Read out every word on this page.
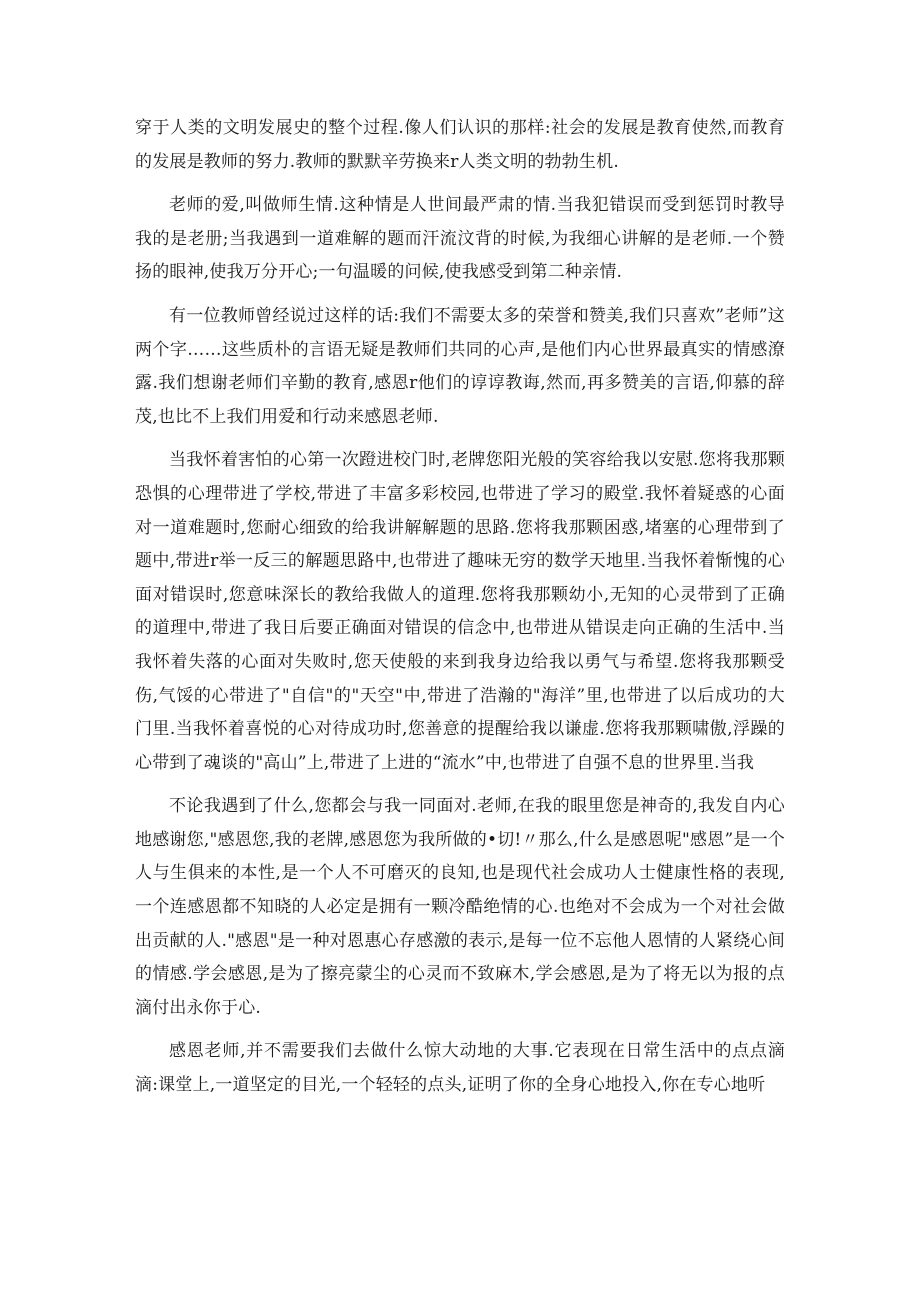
穿于人类的文明发展史的整个过程.像人们认识的那样:社会的发展是教育使然,而教育的发展是教师的努力.教师的默默辛劳换来r人类文明的勃勃生机.

老师的爱,叫做师生情.这种情是人世间最严肃的情.当我犯错误而受到惩罚时教导我的是老册;当我遇到一道难解的题而汗流汶背的时候,为我细心讲解的是老师.一个赞扬的眼神,使我万分开心;一句温暖的问候,使我感受到第二种亲情.

有一位教师曾经说过这样的话:我们不需要太多的荣誉和赞美,我们只喜欢”老师”这两个字……这些质朴的言语无疑是教师们共同的心声,是他们内心世界最真实的情感潦露.我们想谢老师们辛勤的教育,感恩r他们的谆谆教诲,然而,再多赞美的言语,仰慕的辞茂,也比不上我们用爱和行动来感恩老师.

当我怀着害怕的心第一次蹬进校门时,老牌您阳光般的笑容给我以安慰.您将我那颗恐惧的心理带进了学校,带进了丰富多彩校园,也带进了学习的殿堂.我怀着疑惑的心面对一道难题时,您耐心细致的给我讲解解题的思路.您将我那颗困惑,堵塞的心理带到了题中,带进r举一反三的解题思路中,也带进了趣味无穷的数学天地里.当我怀着惭愧的心面对错误时,您意味深长的教给我做人的道理.您将我那颗幼小,无知的心灵带到了正确的道理中,带进了我日后要正确面对错误的信念中,也带进从错误走向正确的生活中.当我怀着失落的心面对失败时,您天使般的来到我身边给我以勇气与希望.您将我那颗受伤,气馁的心带进了"自信"的"天空"中,带进了浩瀚的"海洋”里,也带进了以后成功的大门里.当我怀着喜悦的心对待成功时,您善意的提醒给我以谦虚.您将我那颗啸傲,浮躁的心带到了魂谈的"高山”上,带进了上进的“流水”中,也带进了自强不息的世界里.当我

不论我遇到了什么,您都会与我一同面对.老师,在我的眼里您是神奇的,我发自内心地感谢您,"感恩您,我的老牌,感恩您为我所做的•切!〃那么,什么是感恩呢"感恩”是一个人与生俱来的本性,是一个人不可磨灭的良知,也是现代社会成功人士健康性格的表现,一个连感恩都不知晓的人必定是拥有一颗冷酷绝情的心.也绝对不会成为一个对社会做出贡献的人."感恩"是一种对恩惠心存感激的表示,是每一位不忘他人恩情的人紧绕心间的情感.学会感恩,是为了擦亮蒙尘的心灵而不致麻木,学会感恩,是为了将无以为报的点滴付出永你于心.

感恩老师,并不需要我们去做什么惊大动地的大事.它表现在日常生活中的点点滴滴:课堂上,一道坚定的目光,一个轻轻的点头,证明了你的全身心地投入,你在专心地听
